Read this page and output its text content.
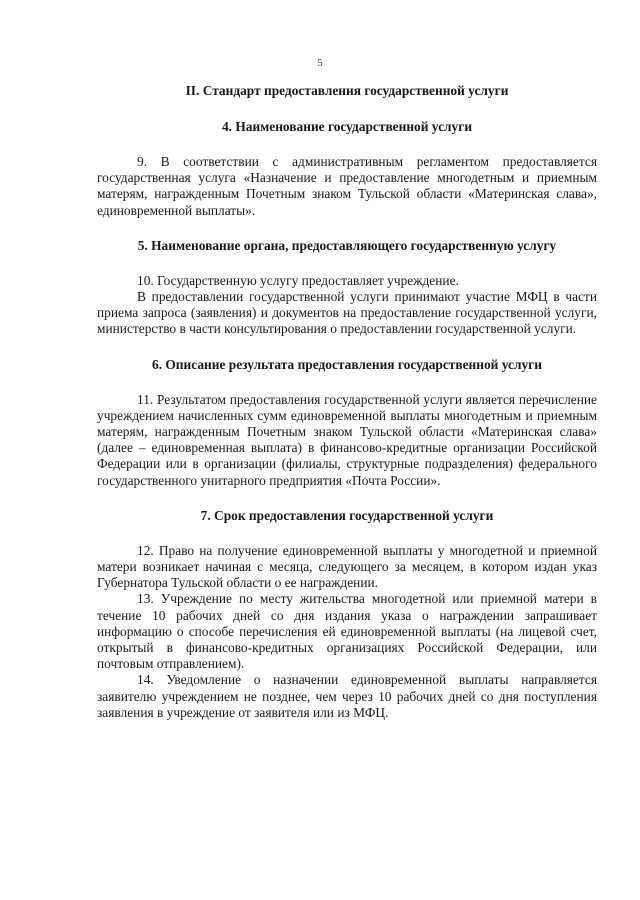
5
II. Стандарт предоставления государственной услуги
4. Наименование государственной услуги

9. В соответствии с административным регламентом предоставляется государственная услуга «Назначение и предоставление многодетным и приемным матерям, награжденным Почетным знаком Тульской области «Материнская слава», единовременной выплаты».

5. Наименование органа, предоставляющего государственную услугу

10. Государственную услугу предоставляет учреждение.

В предоставлении государственной услуги принимают участие МФЦ в части приема запроса (заявления) и документов на предоставление государственной услуги, министерство в части консультирования о предоставлении государственной услуги.

6. Описание результата предоставления государственной услуги

11. Результатом предоставления государственной услуги является перечисление учреждением начисленных сумм единовременной выплаты многодетным и приемным матерям, награжденным Почетным знаком Тульской области «Материнская слава» (далее – единовременная выплата) в финансово-кредитные организации Российской Федерации или в организации (филиалы, структурные подразделения) федерального государственного унитарного предприятия «Почта России».

7. Срок предоставления государственной услуги

12. Право на получение единовременной выплаты у многодетной и приемной матери возникает начиная с месяца, следующего за месяцем, в котором издан указ Губернатора Тульской области о ее награждении.

13. Учреждение по месту жительства многодетной или приемной матери в течение 10 рабочих дней со дня издания указа о награждении запрашивает информацию о способе перечисления ей единовременной выплаты (на лицевой счет, открытый в финансово-кредитных организациях Российской Федерации, или почтовым отправлением).

14. Уведомление о назначении единовременной выплаты направляется заявителю учреждением не позднее, чем через 10 рабочих дней со дня поступления заявления в учреждение от заявителя или из МФЦ.
